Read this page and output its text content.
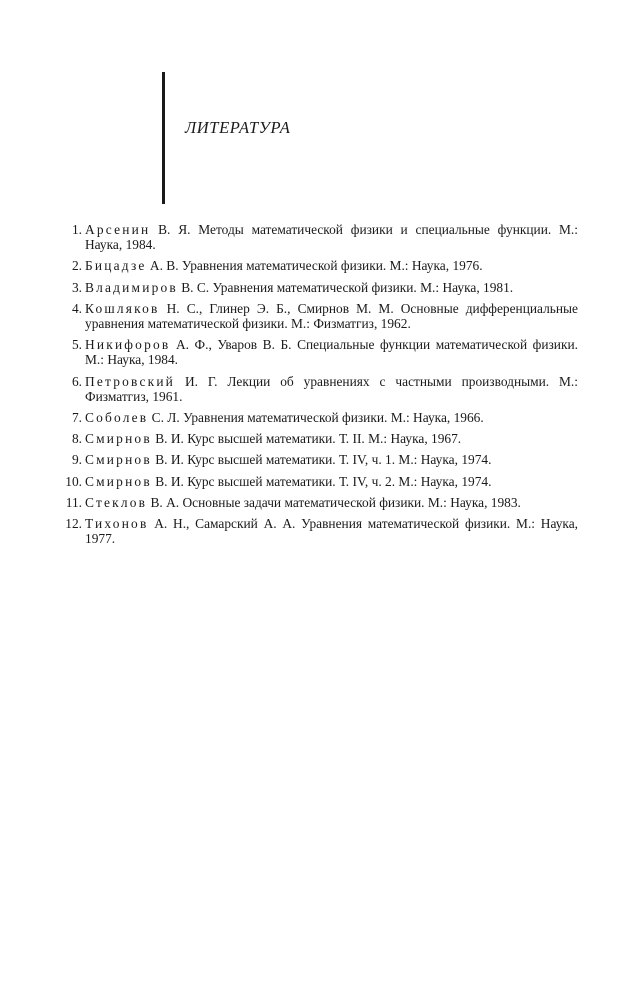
ЛИТЕРАТУРА
1. Арсенин В. Я. Методы математической физики и специальные функции. М.: Наука, 1984.
2. Бицадзе А. В. Уравнения математической физики. М.: Наука, 1976.
3. Владимиров В. С. Уравнения математической физики. М.: Наука, 1981.
4. Кошляков Н. С., Глинер Э. Б., Смирнов М. М. Основные дифференциальные уравнения математической физики. М.: Физматгиз, 1962.
5. Никифоров А. Ф., Уваров В. Б. Специальные функции математической физики. М.: Наука, 1984.
6. Петровский И. Г. Лекции об уравнениях с частными производными. М.: Физматгиз, 1961.
7. Соболев С. Л. Уравнения математической физики. М.: Наука, 1966.
8. Смирнов В. И. Курс высшей математики. Т. II. М.: Наука, 1967.
9. Смирнов В. И. Курс высшей математики. Т. IV, ч. 1. М.: Наука, 1974.
10. Смирнов В. И. Курс высшей математики. Т. IV, ч. 2. М.: Наука, 1974.
11. Стеклов В. А. Основные задачи математической физики. М.: Наука, 1983.
12. Тихонов А. Н., Самарский А. А. Уравнения математической физики. М.: Наука, 1977.
